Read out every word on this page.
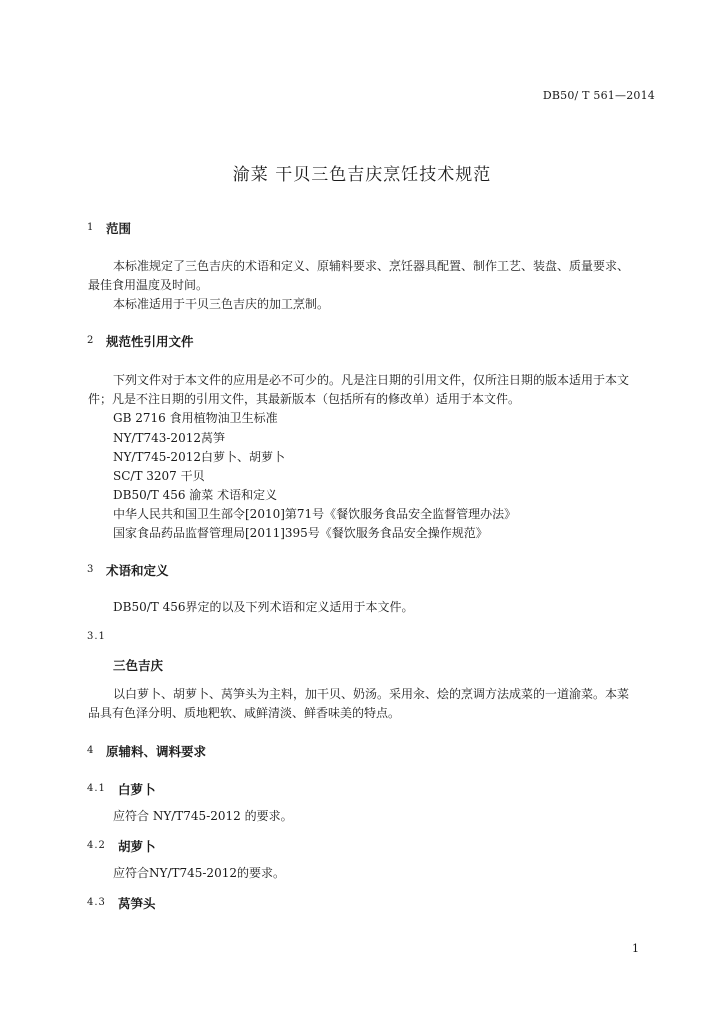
DB50/ T 561—2014
渝菜 干贝三色吉庆烹饪技术规范
1 范围
本标准规定了三色吉庆的术语和定义、原辅料要求、烹饪器具配置、制作工艺、装盘、质量要求、
最佳食用温度及时间。
本标准适用于干贝三色吉庆的加工烹制。
2 规范性引用文件
下列文件对于本文件的应用是必不可少的。凡是注日期的引用文件，仅所注日期的版本适用于本文
件；凡是不注日期的引用文件，其最新版本（包括所有的修改单）适用于本文件。
GB 2716 食用植物油卫生标准
NY/T743-2012莴笋
NY/T745-2012白萝卜、胡萝卜
SC/T 3207 干贝
DB50/T 456 渝菜 术语和定义
中华人民共和国卫生部令[2010]第71号《餐饮服务食品安全监督管理办法》
国家食品药品监督管理局[2011]395号《餐饮服务食品安全操作规范》
3 术语和定义
DB50/T 456界定的以及下列术语和定义适用于本文件。
3.1
三色吉庆
以白萝卜、胡萝卜、莴笋头为主料，加干贝、奶汤。采用汆、烩的烹调方法成菜的一道渝菜。本菜
品具有色泽分明、质地粑软、咸鲜清淡、鲜香味美的特点。
4 原辅料、调料要求
4.1 白萝卜
应符合 NY/T745-2012 的要求。
4.2 胡萝卜
应符合NY/T745-2012的要求。
4.3 莴笋头
1
